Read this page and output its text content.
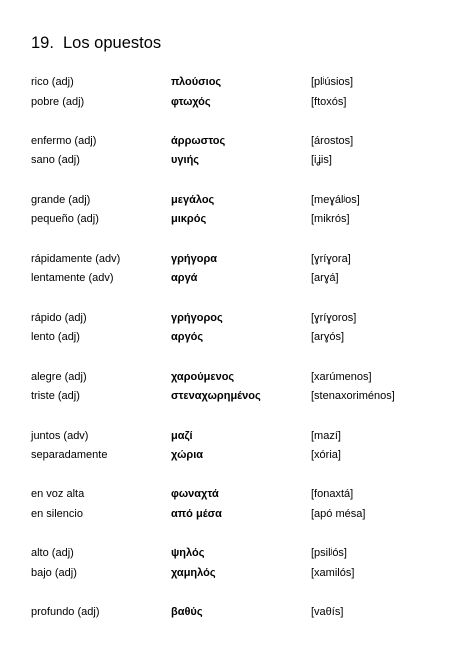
19. Los opuestos
rico (adj)	πλούσιος	[plʲúsios]
pobre (adj)	φτωχός	[ftoxós]
enfermo (adj)	άρρωστος	[árostos]
sano (adj)	υγιής	[iʝis]
grande (adj)	μεγάλος	[meɣálʲos]
pequeño (adj)	μικρός	[mikrós]
rápidamente (adv)	γρήγορα	[ɣríɣora]
lentamente (adv)	αργά	[arɣá]
rápido (adj)	γρήγορος	[ɣríɣoros]
lento (adj)	αργός	[arɣós]
alegre (adj)	χαρούμενος	[xarúmenos]
triste (adj)	στεναχωρημένος	[stenaxoriménos]
juntos (adv)	μαζί	[mazí]
separadamente	χώρια	[xória]
en voz alta	φωναχτά	[fonaxtá]
en silencio	από μέσα	[apó mésa]
alto (adj)	ψηλός	[psilʲós]
bajo (adj)	χαμηλός	[xamilós]
profundo (adj)	βαθύς	[vaθís]
